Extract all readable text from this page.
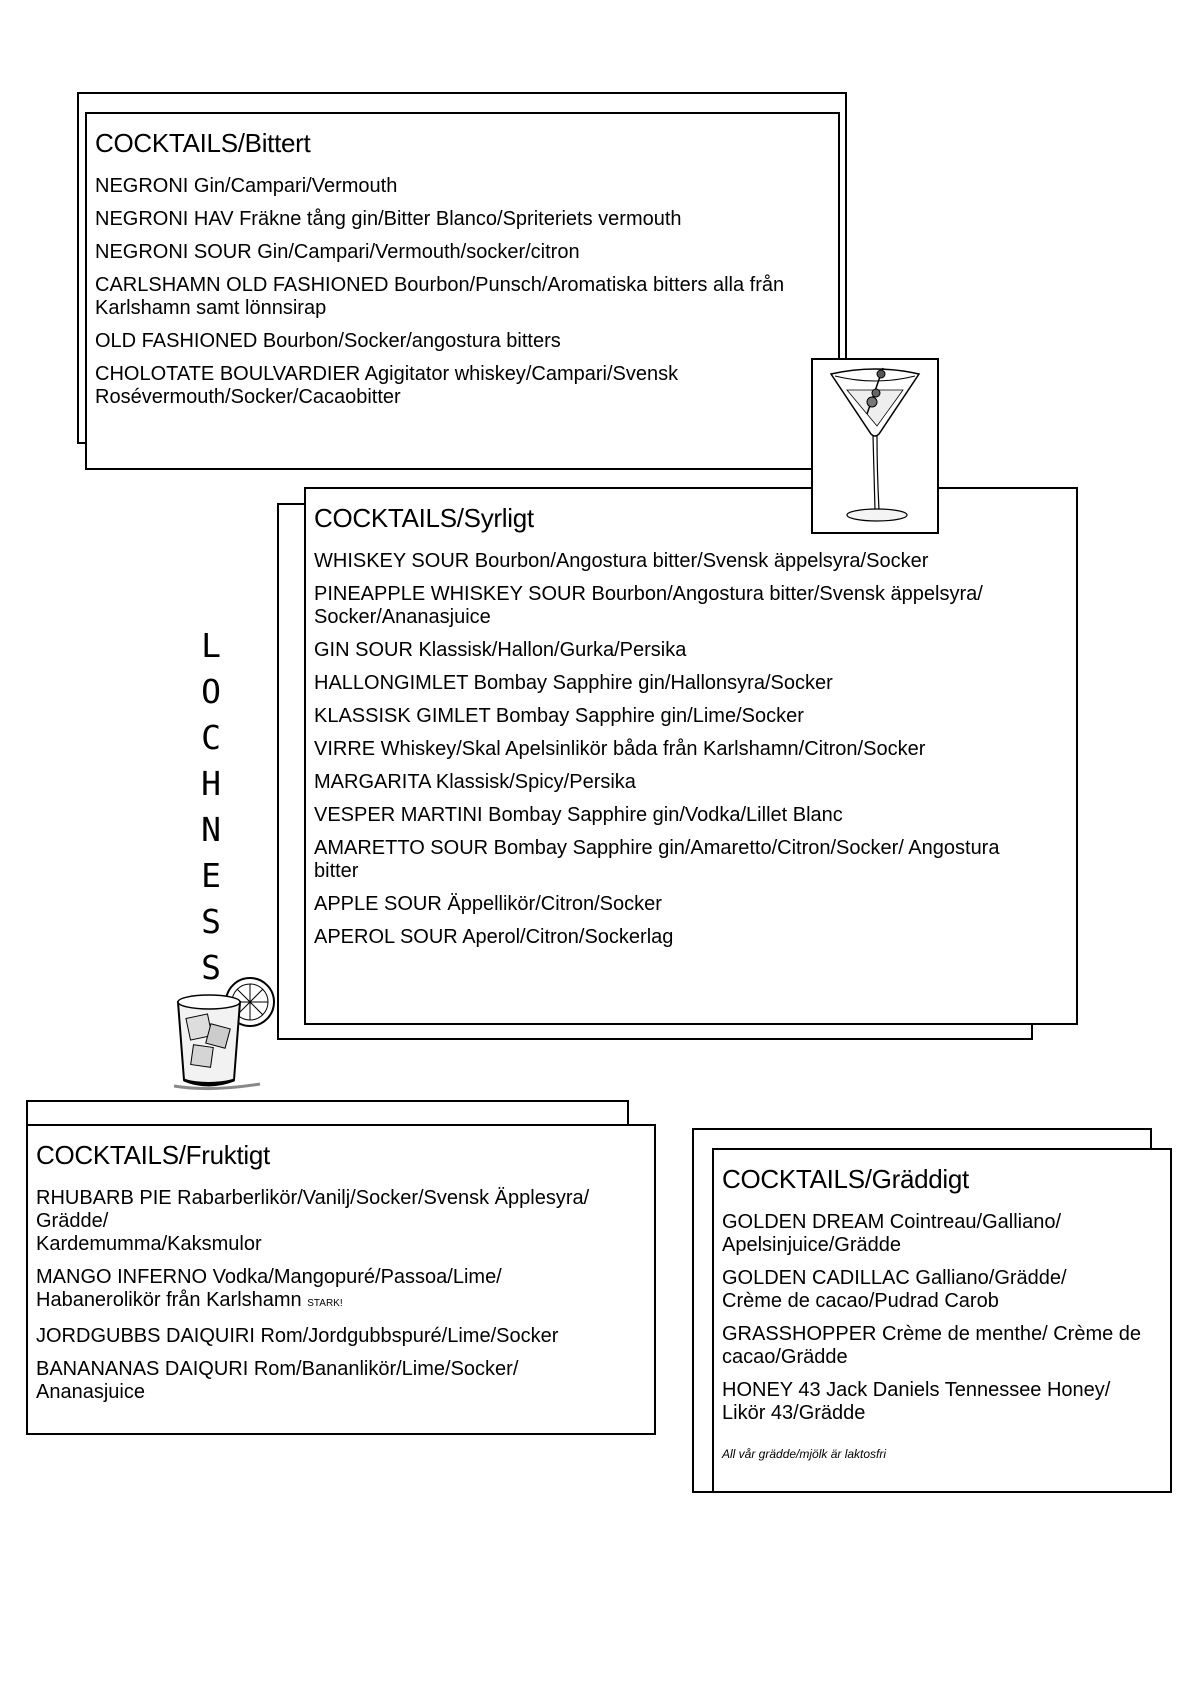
COCKTAILS/Bittert
NEGRONI Gin/Campari/Vermouth
NEGRONI HAV Fräkne tång gin/Bitter Blanco/Spriteriets vermouth
NEGRONI SOUR Gin/Campari/Vermouth/socker/citron
CARLSHAMN OLD FASHIONED Bourbon/Punsch/Aromatiska bitters alla från Karlshamn samt lönnsirap
OLD FASHIONED Bourbon/Socker/angostura bitters
CHOLOTATE BOULVARDIER Agigitator whiskey/Campari/Svensk Rosévermouth/Socker/Cacaobitter
COCKTAILS/Syrligt
WHISKEY SOUR Bourbon/Angostura bitter/Svensk äppelsyra/Socker
PINEAPPLE WHISKEY SOUR Bourbon/Angostura bitter/Svensk äppelsyra/ Socker/Ananasjuice
GIN SOUR Klassisk/Hallon/Gurka/Persika
HALLONGIMLET Bombay Sapphire gin/Hallonsyra/Socker
KLASSISK GIMLET Bombay Sapphire gin/Lime/Socker
VIRRE Whiskey/Skal Apelsinlikör båda från Karlshamn/Citron/Socker
MARGARITA Klassisk/Spicy/Persika
VESPER MARTINI Bombay Sapphire gin/Vodka/Lillet Blanc
AMARETTO SOUR Bombay Sapphire gin/Amaretto/Citron/Socker/ Angostura bitter
APPLE SOUR Äppellikör/Citron/Socker
APEROL SOUR Aperol/Citron/Sockerlag
L
O
C
H
N
E
S
S
COCKTAILS/Fruktigt
RHUBARB PIE Rabarberlikör/Vanilj/Socker/Svensk Äpplesyra/
Grädde/
Kardemumma/Kaksmulor
MANGO INFERNO Vodka/Mangopuré/Passoa/Lime/ Habanerolikör från Karlshamn STARK!
JORDGUBBS DAIQUIRI Rom/Jordgubbspuré/Lime/Socker
BANANANAS DAIQURI Rom/Bananlikör/Lime/Socker/ Ananasjuice
COCKTAILS/Gräddigt
GOLDEN DREAM Cointreau/Galliano/ Apelsinjuice/Grädde
GOLDEN CADILLAC Galliano/Grädde/ Crème de cacao/Pudrad Carob
GRASSHOPPER Crème de menthe/ Crème de cacao/Grädde
HONEY 43 Jack Daniels Tennessee Honey/ Likör 43/Grädde
All vår grädde/mjölk är laktosfri
